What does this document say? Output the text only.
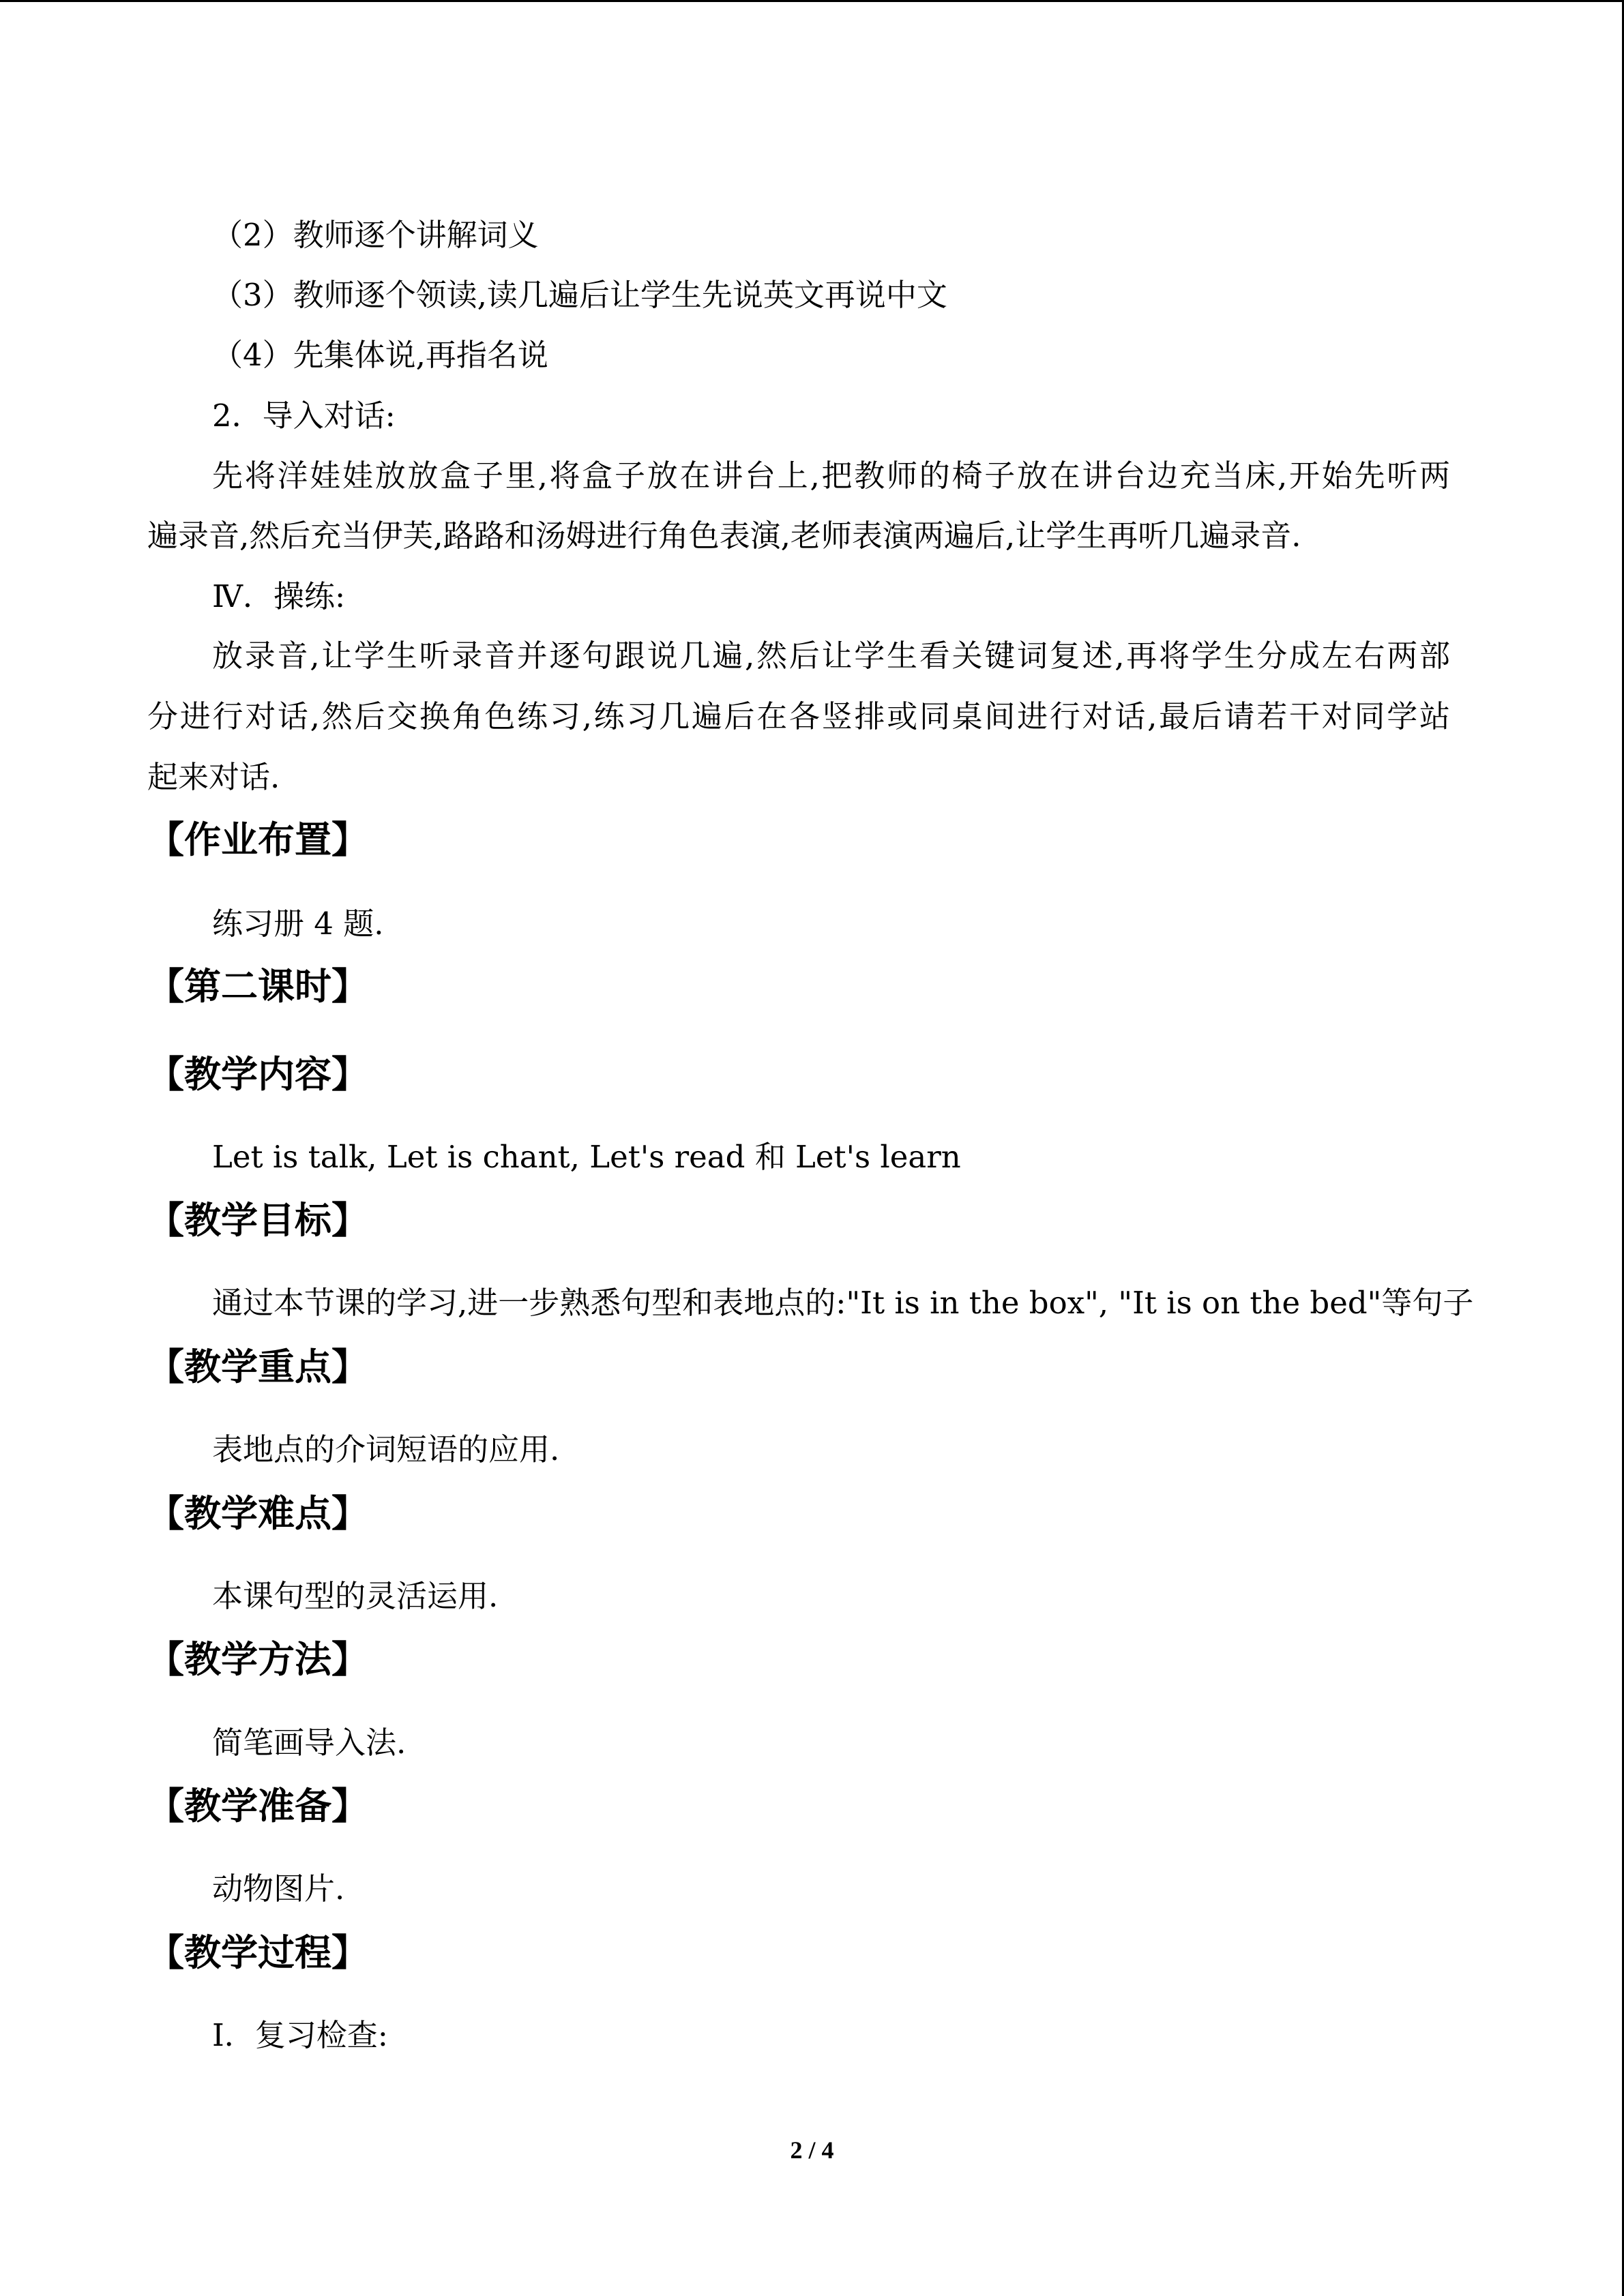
（2）教师逐个讲解词义
（3）教师逐个领读,读几遍后让学生先说英文再说中文
（4）先集体说,再指名说
2．导入对话:
先将洋娃娃放放盒子里,将盒子放在讲台上,把教师的椅子放在讲台边充当床,开始先听两
遍录音,然后充当伊芙,路路和汤姆进行角色表演,老师表演两遍后,让学生再听几遍录音.
Ⅳ．操练:
放录音,让学生听录音并逐句跟说几遍,然后让学生看关键词复述,再将学生分成左右两部
分进行对话,然后交换角色练习,练习几遍后在各竖排或同桌间进行对话,最后请若干对同学站
起来对话.
【作业布置】
练习册 4 题.
【第二课时】
【教学内容】
Let is talk, Let is chant, Let's read 和 Let's learn
【教学目标】
通过本节课的学习,进一步熟悉句型和表地点的:"It is in the box", "It is on the bed"等句子
【教学重点】
表地点的介词短语的应用.
【教学难点】
本课句型的灵活运用.
【教学方法】
简笔画导入法.
【教学准备】
动物图片.
【教学过程】
Ⅰ．复习检查:
2 / 4
